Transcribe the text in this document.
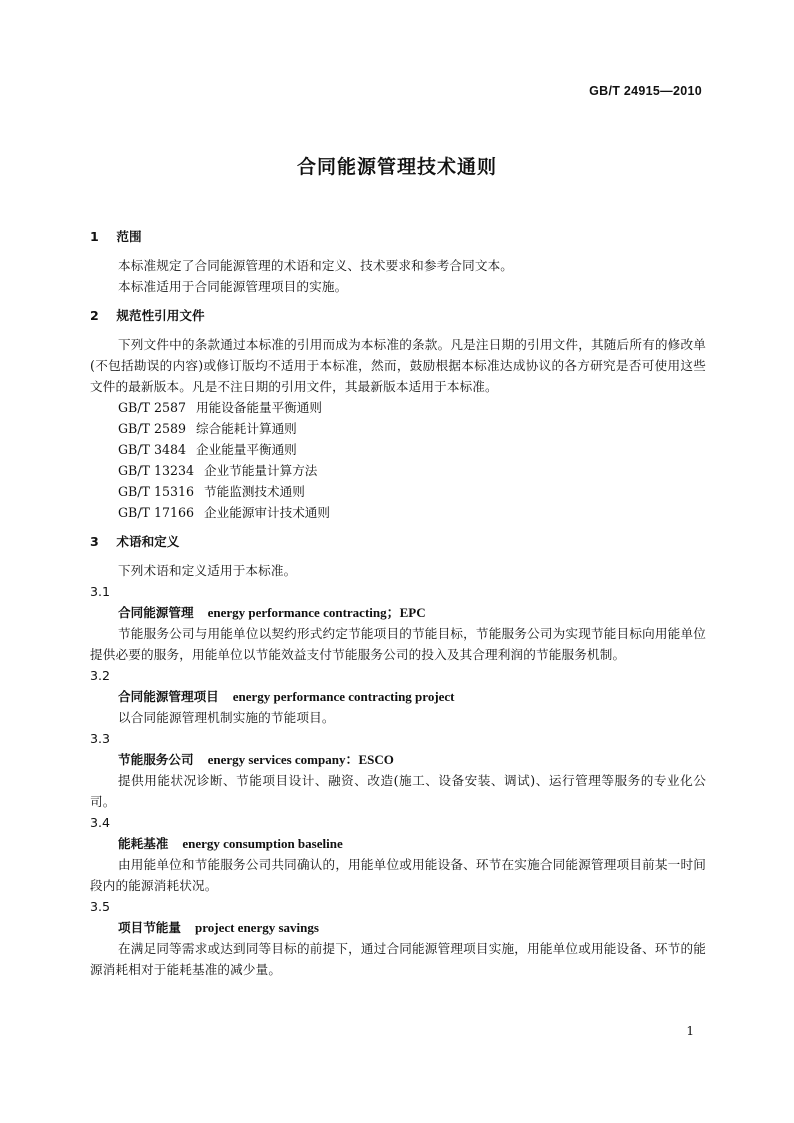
GB/T 24915—2010
合同能源管理技术通则
1 范围
本标准规定了合同能源管理的术语和定义、技术要求和参考合同文本。
本标准适用于合同能源管理项目的实施。
2 规范性引用文件
下列文件中的条款通过本标准的引用而成为本标准的条款。凡是注日期的引用文件，其随后所有的修改单(不包括勘误的内容)或修订版均不适用于本标准，然而，鼓励根据本标准达成协议的各方研究是否可使用这些文件的最新版本。凡是不注日期的引用文件，其最新版本适用于本标准。
GB/T 2587 用能设备能量平衡通则
GB/T 2589 综合能耗计算通则
GB/T 3484 企业能量平衡通则
GB/T 13234 企业节能量计算方法
GB/T 15316 节能监测技术通则
GB/T 17166 企业能源审计技术通则
3 术语和定义
下列术语和定义适用于本标准。
3.1
合同能源管理 energy performance contracting；EPC
节能服务公司与用能单位以契约形式约定节能项目的节能目标，节能服务公司为实现节能目标向用能单位提供必要的服务，用能单位以节能效益支付节能服务公司的投入及其合理利润的节能服务机制。
3.2
合同能源管理项目 energy performance contracting project
以合同能源管理机制实施的节能项目。
3.3
节能服务公司 energy services company：ESCO
提供用能状况诊断、节能项目设计、融资、改造(施工、设备安装、调试)、运行管理等服务的专业化公司。
3.4
能耗基准 energy consumption baseline
由用能单位和节能服务公司共同确认的，用能单位或用能设备、环节在实施合同能源管理项目前某一时间段内的能源消耗状况。
3.5
项目节能量 project energy savings
在满足同等需求或达到同等目标的前提下，通过合同能源管理项目实施，用能单位或用能设备、环节的能源消耗相对于能耗基准的减少量。
1
